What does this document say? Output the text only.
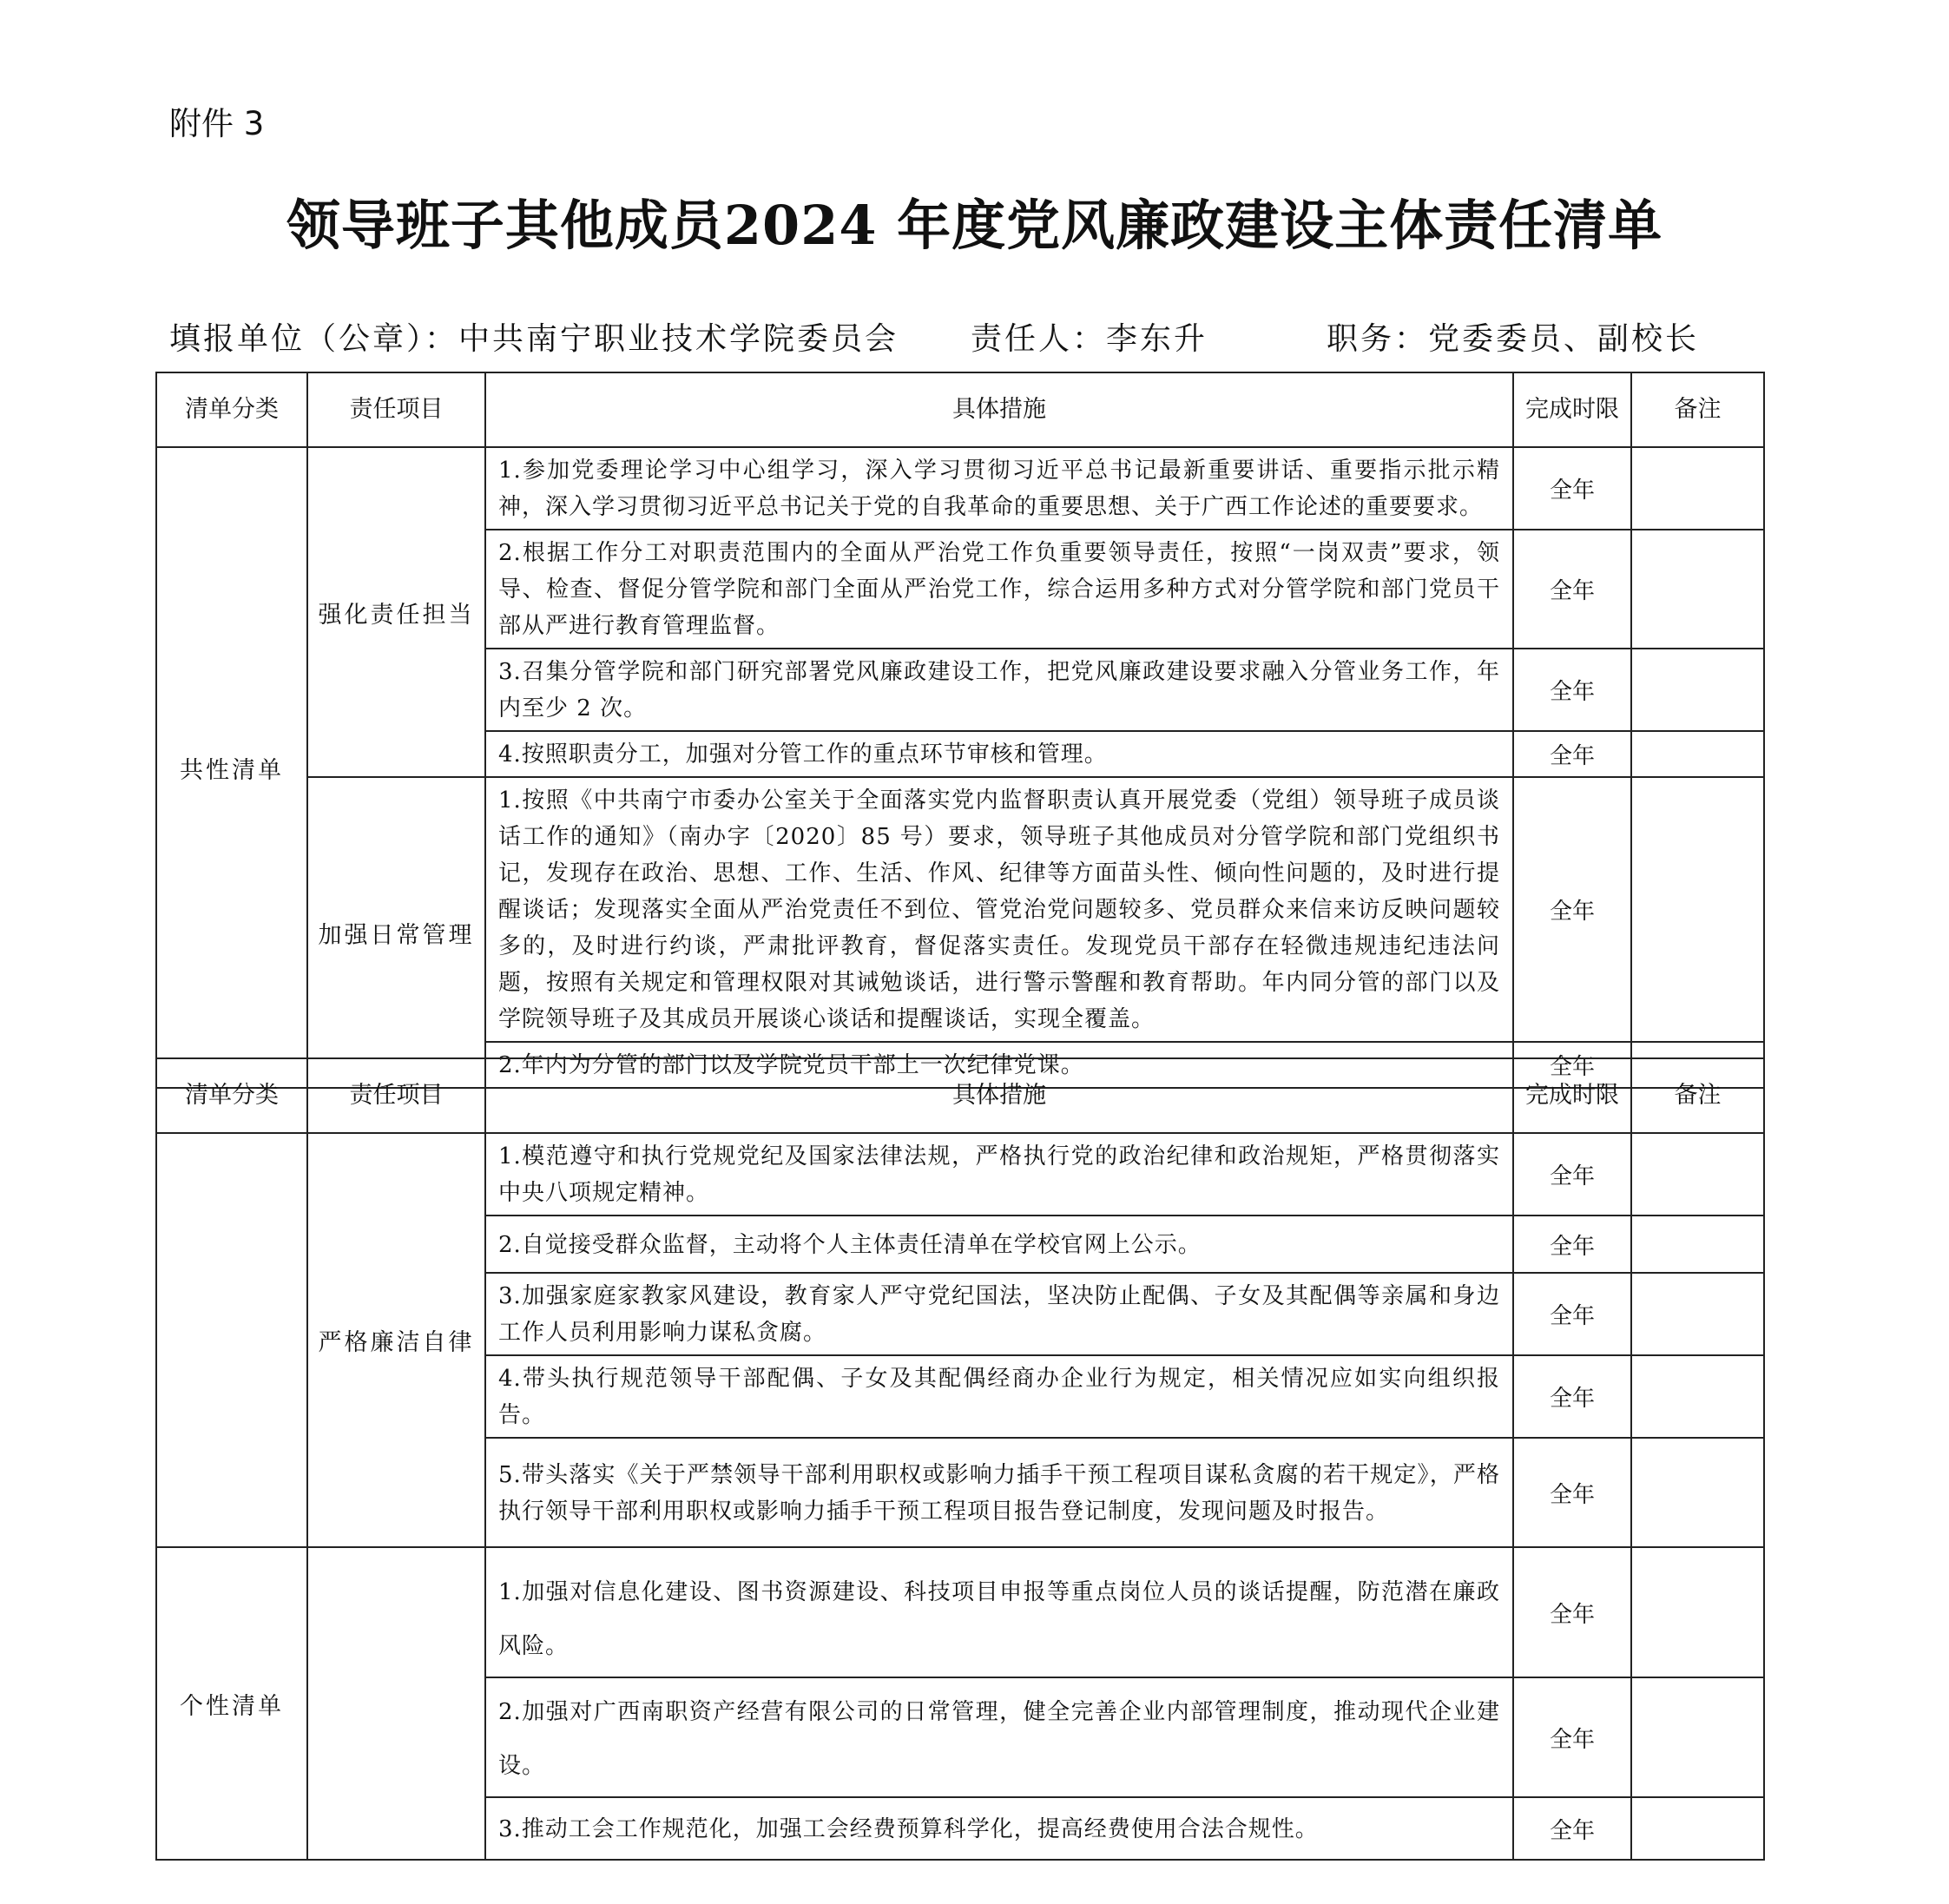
附件 3
领导班子其他成员2024 年度党风廉政建设主体责任清单
填报单位（公章）：中共南宁职业技术学院委员会 责任人：李东升	职务：党委委员、副校长
清单分类	责任项目	具体措施	完成时限	备注
共性清单	强化责任担当	1.参加党委理论学习中心组学习，深入学习贯彻习近平总书记最新重要讲话、重要指示批示精神，深入学习贯彻习近平总书记关于党的自我革命的重要思想、关于广西工作论述的重要要求。	全年	
		2.根据工作分工对职责范围内的全面从严治党工作负重要领导责任，按照“一岗双责”要求，领导、检查、督促分管学院和部门全面从严治党工作，综合运用多种方式对分管学院和部门党员干部从严进行教育管理监督。	全年	
		3.召集分管学院和部门研究部署党风廉政建设工作，把党风廉政建设要求融入分管业务工作，年内至少 2 次。	全年	
		4.按照职责分工，加强对分管工作的重点环节审核和管理。	全年	
	加强日常管理	1.按照《中共南宁市委办公室关于全面落实党内监督职责认真开展党委（党组）领导班子成员谈话工作的通知》（南办字〔2020〕85 号）要求，领导班子其他成员对分管学院和部门党组织书记，发现存在政治、思想、工作、生活、作风、纪律等方面苗头性、倾向性问题的，及时进行提醒谈话；发现落实全面从严治党责任不到位、管党治党问题较多、党员群众来信来访反映问题较多的，及时进行约谈，严肃批评教育，督促落实责任。发现党员干部存在轻微违规违纪违法问题，按照有关规定和管理权限对其诫勉谈话，进行警示警醒和教育帮助。年内同分管的部门以及学院领导班子及其成员开展谈心谈话和提醒谈话，实现全覆盖。	全年	
		2.年内为分管的部门以及学院党员干部上一次纪律党课。	全年	
清单分类	责任项目	具体措施	完成时限	备注
	严格廉洁自律	1.模范遵守和执行党规党纪及国家法律法规，严格执行党的政治纪律和政治规矩，严格贯彻落实中央八项规定精神。	全年	
		2.自觉接受群众监督，主动将个人主体责任清单在学校官网上公示。	全年	
		3.加强家庭家教家风建设，教育家人严守党纪国法，坚决防止配偶、子女及其配偶等亲属和身边工作人员利用影响力谋私贪腐。	全年	
		4.带头执行规范领导干部配偶、子女及其配偶经商办企业行为规定，相关情况应如实向组织报告。	全年	
		5.带头落实《关于严禁领导干部利用职权或影响力插手干预工程项目谋私贪腐的若干规定》，严格执行领导干部利用职权或影响力插手干预工程项目报告登记制度，发现问题及时报告。	全年	
个性清单		1.加强对信息化建设、图书资源建设、科技项目申报等重点岗位人员的谈话提醒，防范潜在廉政风险。	全年	
		2.加强对广西南职资产经营有限公司的日常管理，健全完善企业内部管理制度，推动现代企业建设。	全年	
		3.推动工会工作规范化，加强工会经费预算科学化，提高经费使用合法合规性。	全年	
